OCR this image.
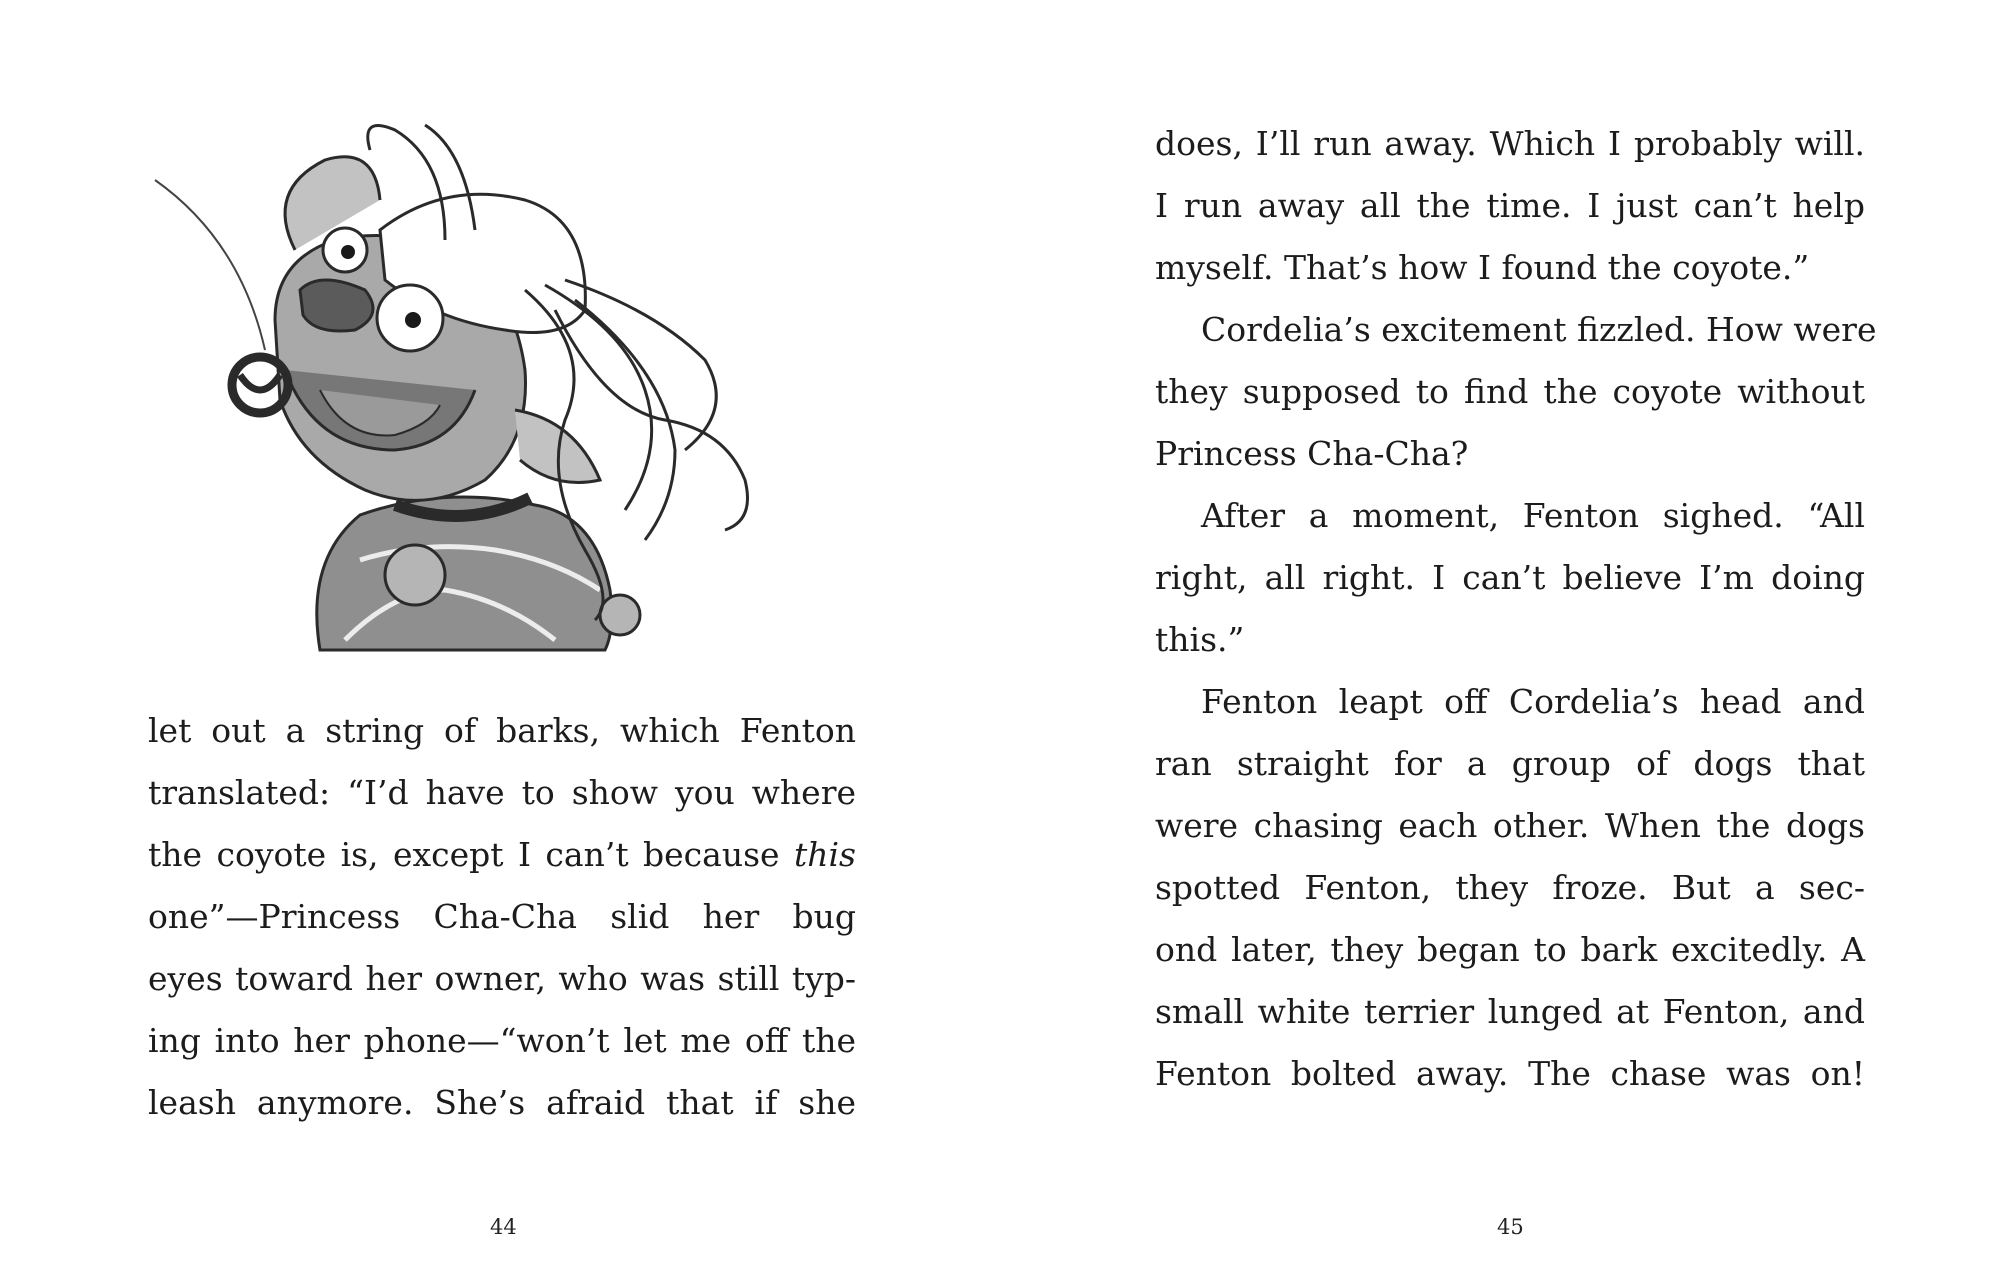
let out a string of barks, which Fenton
translated: “I’d have to show you where
the coyote is, except I can’t because this
one”—Princess Cha-Cha slid her bug
eyes toward her owner, who was still typ-
ing into her phone—“won’t let me off the
leash anymore. She’s afraid that if she
44
does, I’ll run away. Which I probably will.
I run away all the time. I just can’t help
myself. That’s how I found the coyote.”
Cordelia’s excitement fizzled. How were
they supposed to find the coyote without
Princess Cha-Cha?
After a moment, Fenton sighed. “All
right, all right. I can’t believe I’m doing
this.”
Fenton leapt off Cordelia’s head and
ran straight for a group of dogs that
were chasing each other. When the dogs
spotted Fenton, they froze. But a sec-
ond later, they began to bark excitedly. A
small white terrier lunged at Fenton, and
Fenton bolted away. The chase was on!
45
